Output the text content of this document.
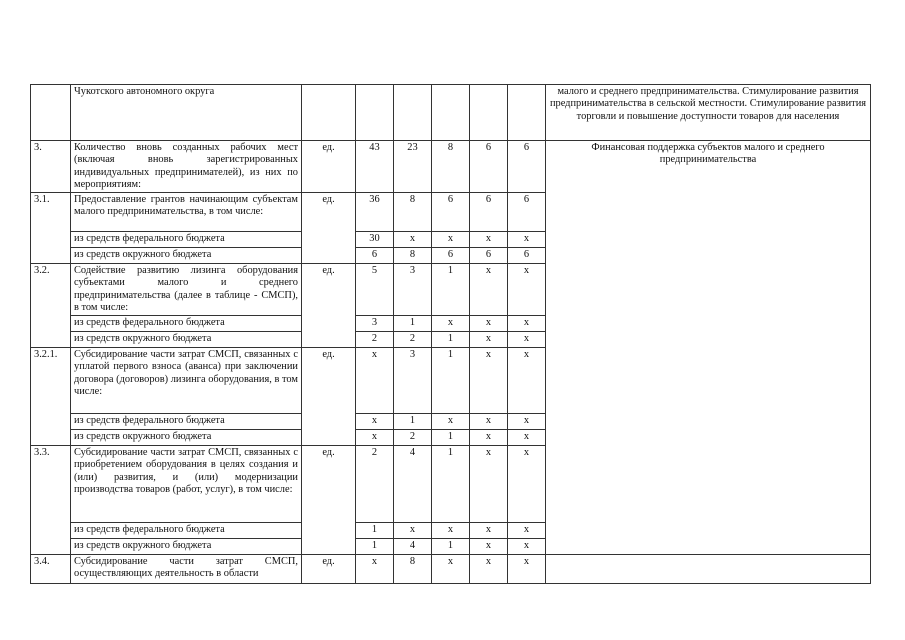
	Чукотского автономного округа							малого и среднего предпринимательства. Стимулирование развития предпринимательства в сельской местности. Стимулирование развития торговли и повышение доступности товаров для населения
3.	Количество вновь созданных рабочих мест (включая вновь зарегистрированных индивидуальных предпринимателей), из них по мероприятиям:	ед.	43	23	8	6	6	Финансовая поддержка субъектов малого и среднего предпринимательства
3.1.	Предоставление грантов начинающим субъектам малого предпринимательства, в том числе:	ед.	36	8	6	6	6	
	из средств федерального бюджета		30	х	х	х	х	
	из средств окружного бюджета		6	8	6	6	6	
3.2.	Содействие развитию лизинга оборудования субъектами малого и среднего предпринимательства (далее в таблице - СМСП), в том числе:	ед.	5	3	1	х	х	
	из средств федерального бюджета		3	1	х	х	х	
	из средств окружного бюджета		2	2	1	х	х	
3.2.1.	Субсидирование части затрат СМСП, связанных с уплатой первого взноса (аванса) при заключении договора (договоров) лизинга оборудования, в том числе:	ед.	х	3	1	х	х	
	из средств федерального бюджета		х	1	х	х	х	
	из средств окружного бюджета		х	2	1	х	х	
3.3.	Субсидирование части затрат СМСП, связанных с приобретением оборудования в целях создания и (или) развития, и (или) модернизации производства товаров (работ, услуг), в том числе:	ед.	2	4	1	х	х	
	из средств федерального бюджета		1	х	х	х	х	
	из средств окружного бюджета		1	4	1	х	х	
3.4.	Субсидирование части затрат СМСП, осуществляющих деятельность в области	ед.	х	8	х	х	х	
